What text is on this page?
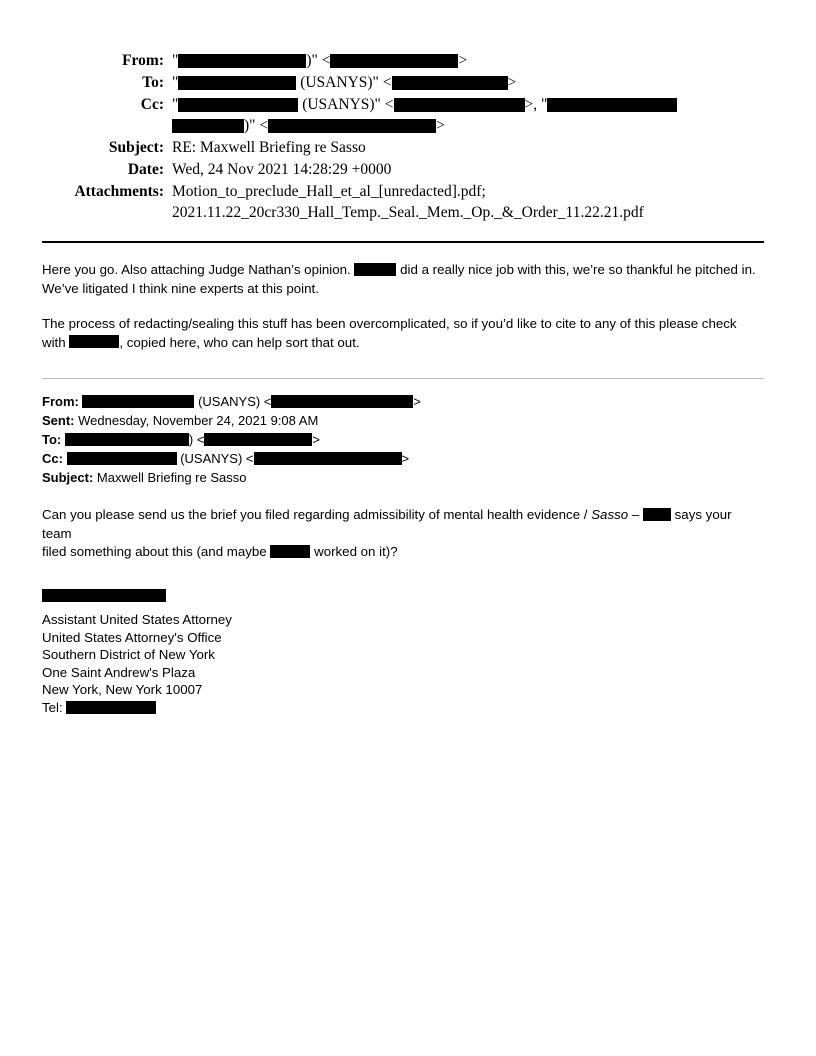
From: "	)" <	>
To: "	(USANYS)" <	>
Cc: "	(USANYS)" <	>, "
)" <	>
Subject: RE: Maxwell Briefing re Sasso
Date: Wed, 24 Nov 2021 14:28:29 +0000
Attachments: Motion_to_preclude_Hall_et_al_[unredacted].pdf;
2021.11.22_20cr330_Hall_Temp._Seal._Mem._Op._&_Order_11.22.21.pdf
Here you go. Also attaching Judge Nathan’s opinion.	did a really nice job with this, we’re so thankful he pitched in.
We’ve litigated I think nine experts at this point.
The process of redacting/sealing this stuff has been overcomplicated, so if you’d like to cite to any of this please check
with	, copied here, who can help sort that out.
From:	(USANYS) <	>
Sent: Wednesday, November 24, 2021 9:08 AM
To:	) <	>
Cc:	(USANYS) <	>
Subject: Maxwell Briefing re Sasso
Can you please send us the brief you filed regarding admissibility of mental health evidence / Sasso –  says your team
filed something about this (and maybe	worked on it)?
Assistant United States Attorney
United States Attorney's Office
Southern District of New York
One Saint Andrew's Plaza
New York, New York 10007
Tel:
